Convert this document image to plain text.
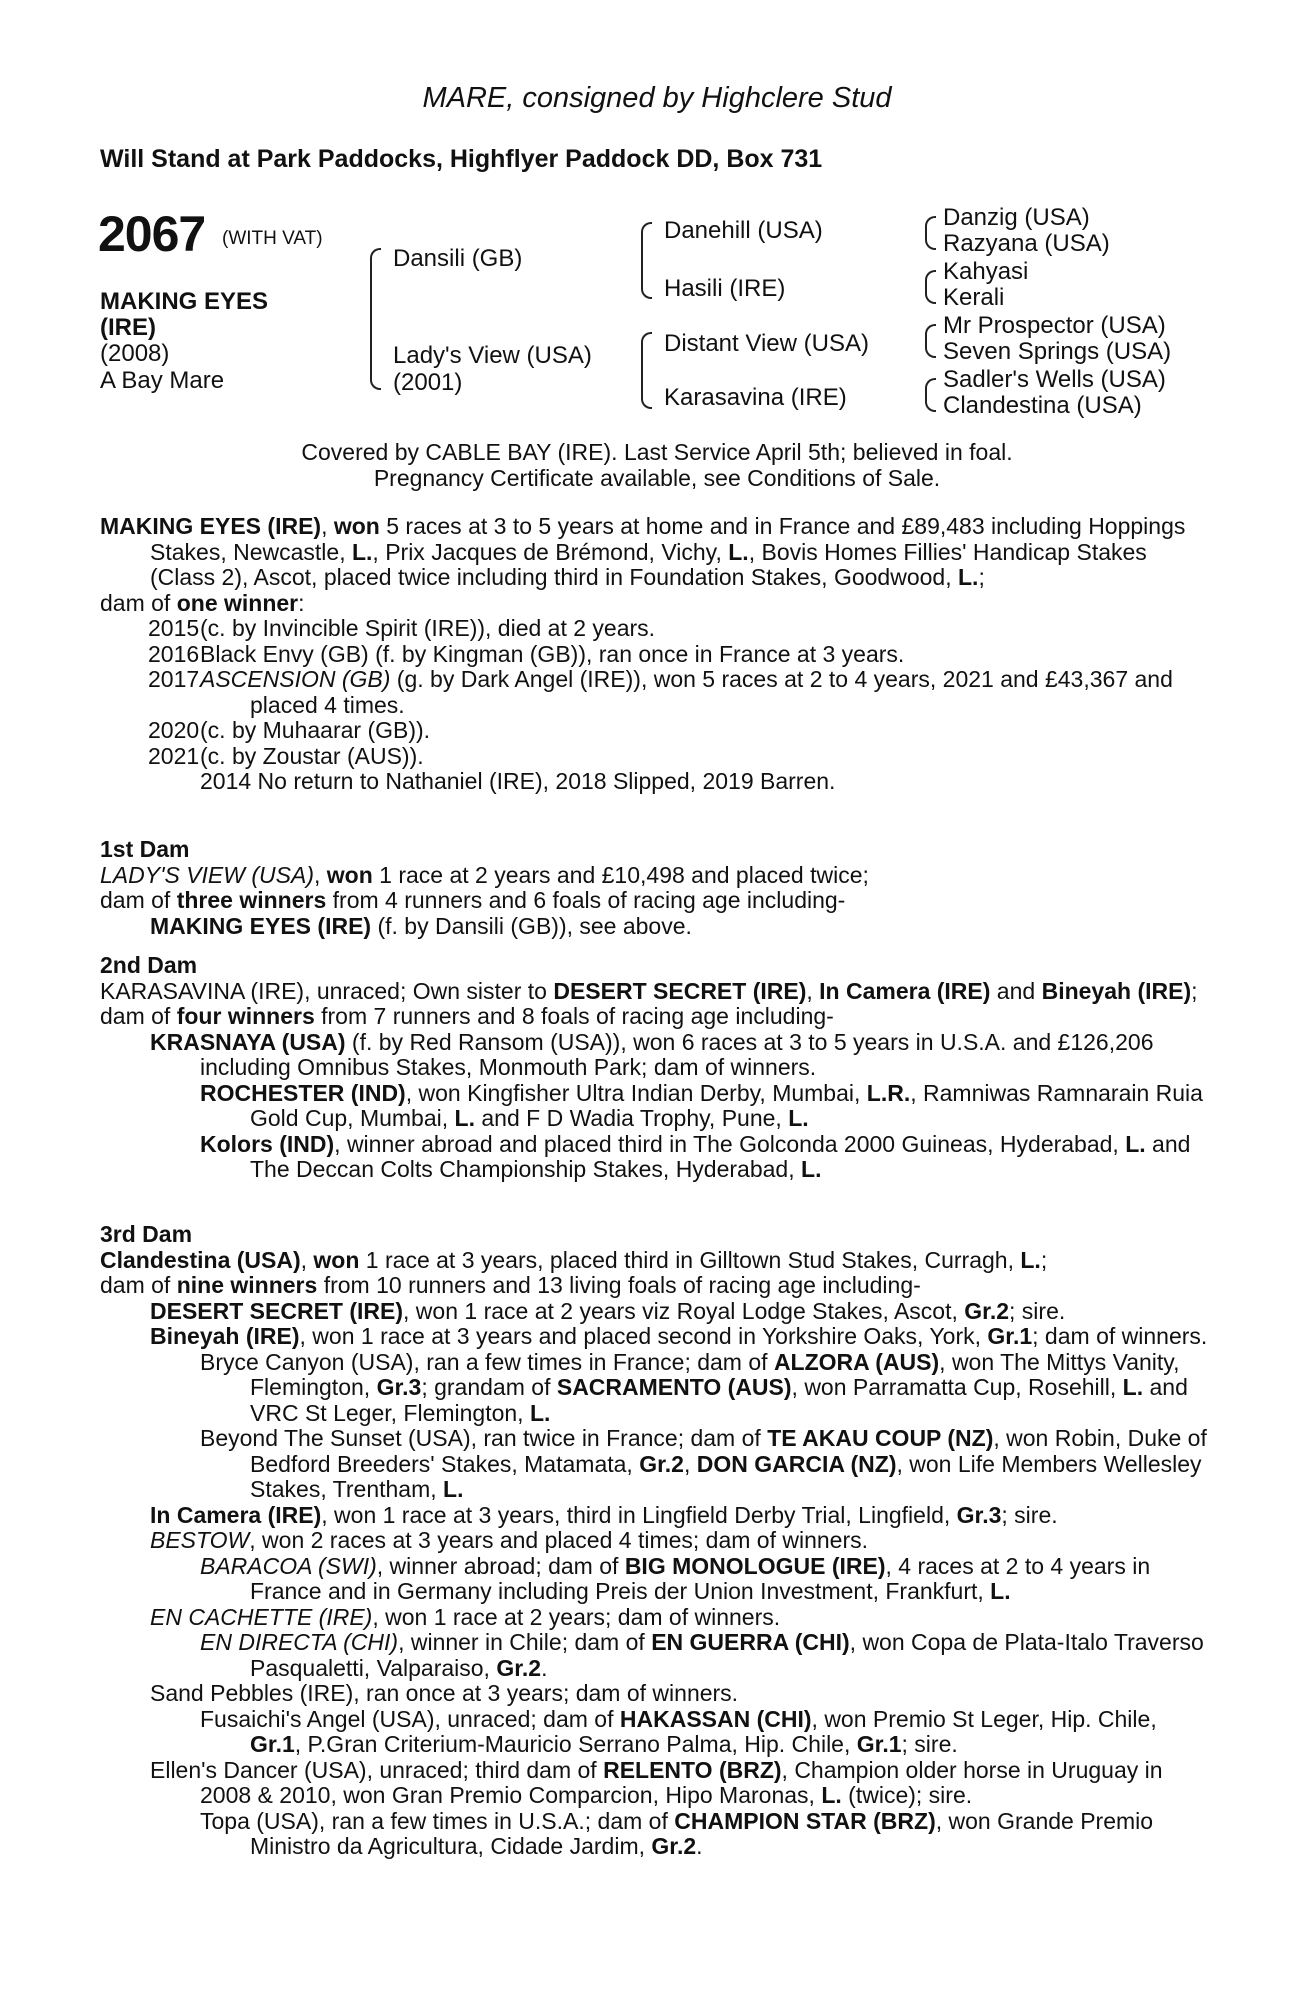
MARE, consigned by Highclere Stud
Will Stand at Park Paddocks, Highflyer Paddock DD, Box 731
2067 (WITH VAT)
MAKING EYES
(IRE)
(2008)
A Bay Mare
Dansili (GB)
Lady's View (USA)
(2001)
Danehill (USA)
Hasili (IRE)
Distant View (USA)
Karasavina (IRE)
Danzig (USA)
Razyana (USA)
Kahyasi
Kerali
Mr Prospector (USA)
Seven Springs (USA)
Sadler's Wells (USA)
Clandestina (USA)
Covered by CABLE BAY (IRE). Last Service April 5th; believed in foal.
Pregnancy Certificate available, see Conditions of Sale.
MAKING EYES (IRE), won 5 races at 3 to 5 years at home and in France and £89,483 including Hoppings Stakes, Newcastle, L., Prix Jacques de Brémond, Vichy, L., Bovis Homes Fillies' Handicap Stakes (Class 2), Ascot, placed twice including third in Foundation Stakes, Goodwood, L.;
dam of one winner:
2015 (c. by Invincible Spirit (IRE)), died at 2 years.
2016 Black Envy (GB) (f. by Kingman (GB)), ran once in France at 3 years.
2017 ASCENSION (GB) (g. by Dark Angel (IRE)), won 5 races at 2 to 4 years, 2021 and £43,367 and placed 4 times.
2020 (c. by Muhaarar (GB)).
2021 (c. by Zoustar (AUS)).
2014 No return to Nathaniel (IRE), 2018 Slipped, 2019 Barren.
1st Dam
LADY'S VIEW (USA), won 1 race at 2 years and £10,498 and placed twice;
dam of three winners from 4 runners and 6 foals of racing age including-
MAKING EYES (IRE) (f. by Dansili (GB)), see above.
2nd Dam
KARASAVINA (IRE), unraced; Own sister to DESERT SECRET (IRE), In Camera (IRE) and Bineyah (IRE);
dam of four winners from 7 runners and 8 foals of racing age including-
KRASNAYA (USA) (f. by Red Ransom (USA)), won 6 races at 3 to 5 years in U.S.A. and £126,206 including Omnibus Stakes, Monmouth Park; dam of winners.
ROCHESTER (IND), won Kingfisher Ultra Indian Derby, Mumbai, L.R., Ramniwas Ramnarain Ruia Gold Cup, Mumbai, L. and F D Wadia Trophy, Pune, L.
Kolors (IND), winner abroad and placed third in The Golconda 2000 Guineas, Hyderabad, L. and The Deccan Colts Championship Stakes, Hyderabad, L.
3rd Dam
Clandestina (USA), won 1 race at 3 years, placed third in Gilltown Stud Stakes, Curragh, L.;
dam of nine winners from 10 runners and 13 living foals of racing age including-
DESERT SECRET (IRE), won 1 race at 2 years viz Royal Lodge Stakes, Ascot, Gr.2; sire.
Bineyah (IRE), won 1 race at 3 years and placed second in Yorkshire Oaks, York, Gr.1; dam of winners.
Bryce Canyon (USA), ran a few times in France; dam of ALZORA (AUS), won The Mittys Vanity, Flemington, Gr.3; grandam of SACRAMENTO (AUS), won Parramatta Cup, Rosehill, L. and VRC St Leger, Flemington, L.
Beyond The Sunset (USA), ran twice in France; dam of TE AKAU COUP (NZ), won Robin, Duke of Bedford Breeders' Stakes, Matamata, Gr.2, DON GARCIA (NZ), won Life Members Wellesley Stakes, Trentham, L.
In Camera (IRE), won 1 race at 3 years, third in Lingfield Derby Trial, Lingfield, Gr.3; sire.
BESTOW, won 2 races at 3 years and placed 4 times; dam of winners.
BARACOA (SWI), winner abroad; dam of BIG MONOLOGUE (IRE), 4 races at 2 to 4 years in France and in Germany including Preis der Union Investment, Frankfurt, L.
EN CACHETTE (IRE), won 1 race at 2 years; dam of winners.
EN DIRECTA (CHI), winner in Chile; dam of EN GUERRA (CHI), won Copa de Plata-Italo Traverso Pasqualetti, Valparaiso, Gr.2.
Sand Pebbles (IRE), ran once at 3 years; dam of winners.
Fusaichi's Angel (USA), unraced; dam of HAKASSAN (CHI), won Premio St Leger, Hip. Chile, Gr.1, P.Gran Criterium-Mauricio Serrano Palma, Hip. Chile, Gr.1; sire.
Ellen's Dancer (USA), unraced; third dam of RELENTO (BRZ), Champion older horse in Uruguay in 2008 & 2010, won Gran Premio Comparcion, Hipo Maronas, L. (twice); sire.
Topa (USA), ran a few times in U.S.A.; dam of CHAMPION STAR (BRZ), won Grande Premio Ministro da Agricultura, Cidade Jardim, Gr.2.
